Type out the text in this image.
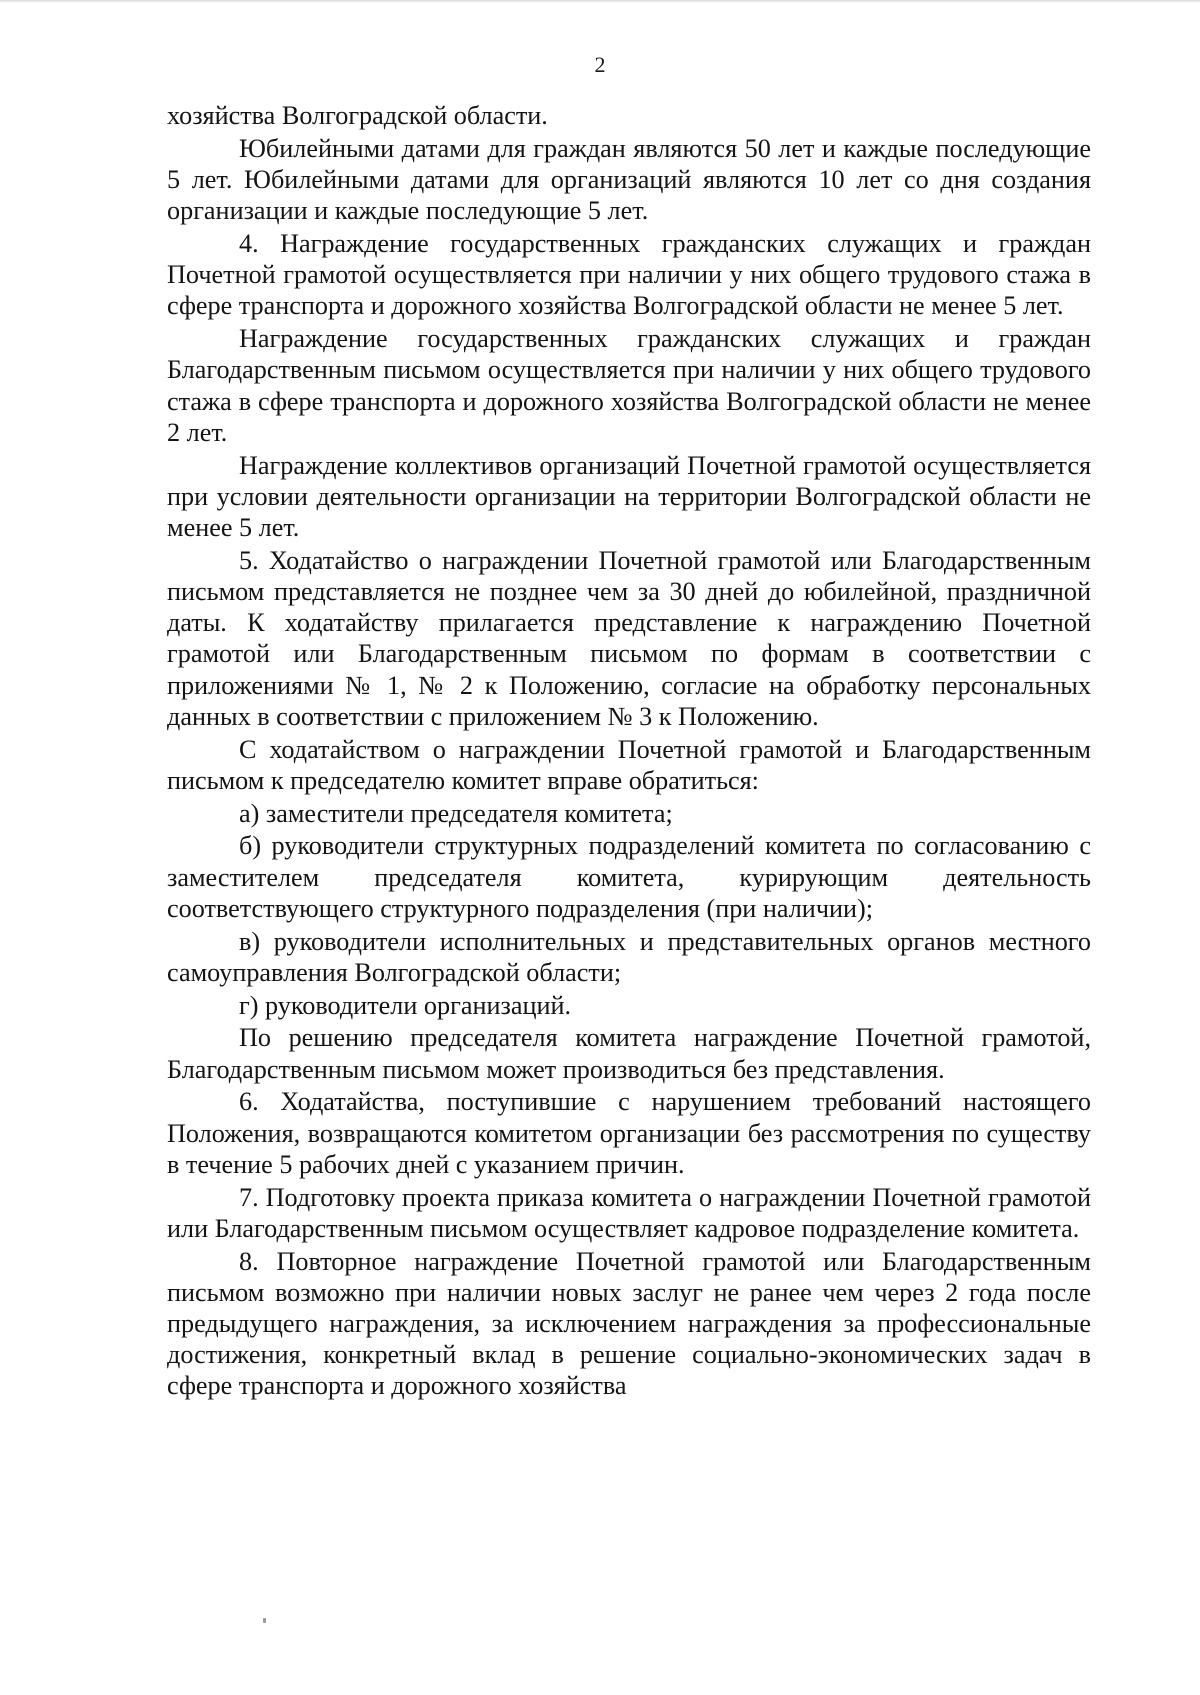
2

хозяйства Волгоградской области.

Юбилейными датами для граждан являются 50 лет и каждые последующие 5 лет. Юбилейными датами для организаций являются 10 лет со дня создания организации и каждые последующие 5 лет.

4. Награждение государственных гражданских служащих и граждан Почетной грамотой осуществляется при наличии у них общего трудового стажа в сфере транспорта и дорожного хозяйства Волгоградской области не менее 5 лет.

Награждение государственных гражданских служащих и граждан Благодарственным письмом осуществляется при наличии у них общего трудового стажа в сфере транспорта и дорожного хозяйства Волгоградской области не менее 2 лет.

Награждение коллективов организаций Почетной грамотой осуществляется при условии деятельности организации на территории Волгоградской области не менее 5 лет.

5. Ходатайство о награждении Почетной грамотой или Благодарственным письмом представляется не позднее чем за 30 дней до юбилейной, праздничной даты. К ходатайству прилагается представление к награждению Почетной грамотой или Благодарственным письмом по формам в соответствии с приложениями № 1, № 2 к Положению, согласие на обработку персональных данных в соответствии с приложением № 3 к Положению.

С ходатайством о награждении Почетной грамотой и Благодарственным письмом к председателю комитет вправе обратиться:

а) заместители председателя комитета;

б) руководители структурных подразделений комитета по согласованию с заместителем председателя комитета, курирующим деятельность соответствующего структурного подразделения (при наличии);

в) руководители исполнительных и представительных органов местного самоуправления Волгоградской области;

г) руководители организаций.

По решению председателя комитета награждение Почетной грамотой, Благодарственным письмом может производиться без представления.

6. Ходатайства, поступившие с нарушением требований настоящего Положения, возвращаются комитетом организации без рассмотрения по существу в течение 5 рабочих дней с указанием причин.

7. Подготовку проекта приказа комитета о награждении Почетной грамотой или Благодарственным письмом осуществляет кадровое подразделение комитета.

8. Повторное награждение Почетной грамотой или Благодарственным письмом возможно при наличии новых заслуг не ранее чем через 2 года после предыдущего награждения, за исключением награждения за профессиональные достижения, конкретный вклад в решение социально-экономических задач в сфере транспорта и дорожного хозяйства
